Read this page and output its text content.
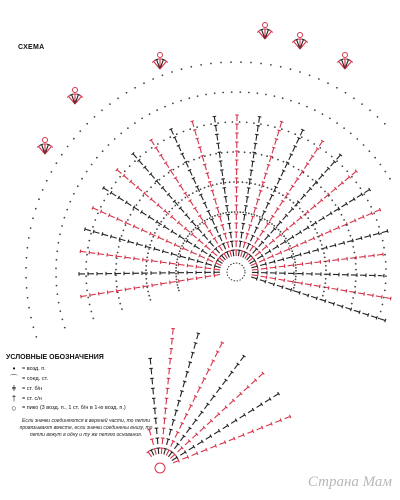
СХЕМА
УСЛОВНЫЕ ОБОЗНАЧЕНИЯ
•	= возд. п.
⌒ = соед. ст.
ǂ	= ст. б/н
†	= ст. с/н
○ = пико (3 возд. п., 1 ст. б/н в 1-ю возд. п.)
Если значки соединяются в верхней части, то петли провязывают вместе, если значки соединены внизу, то петли вяжут в одну и ту же петлю основания.
Страна Мам
